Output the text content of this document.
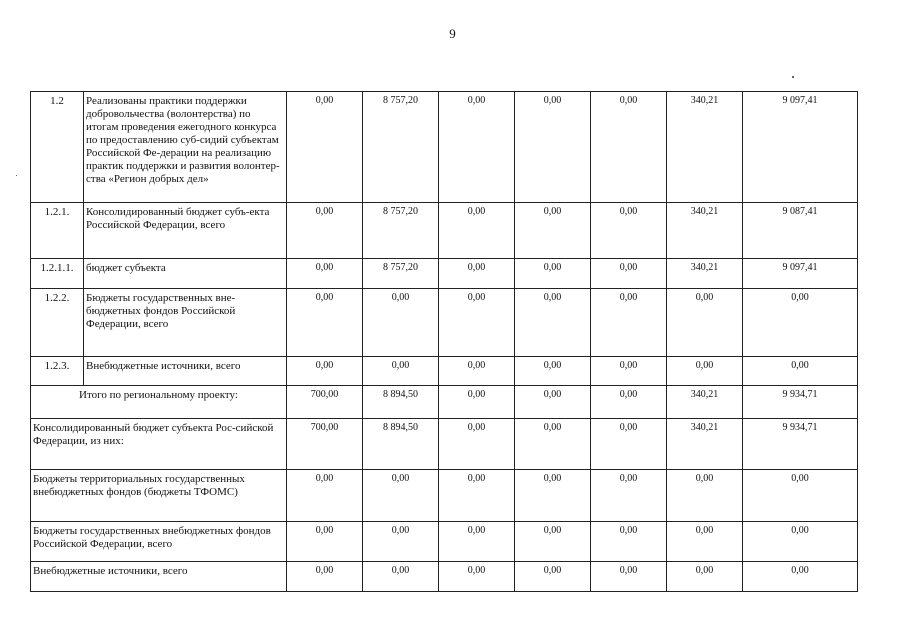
9
1.2	Реализованы практики поддержки добровольчества (волонтерства) по итогам проведения ежегодного конкурса по предоставлению суб-сидий субъектам Российской Фе-дерации на реализацию практик поддержки и развития волонтер-ства «Регион добрых дел»	0,00	8 757,20	0,00	0,00	0,00	340,21	9 097,41
1.2.1.	Консолидированный бюджет субъ-екта Российской Федерации, всего	0,00	8 757,20	0,00	0,00	0,00	340,21	9 087,41
1.2.1.1.	бюджет субъекта	0,00	8 757,20	0,00	0,00	0,00	340,21	9 097,41
1.2.2.	Бюджеты государственных вне-бюджетных фондов Российской Федерации, всего	0,00	0,00	0,00	0,00	0,00	0,00	0,00
1.2.3.	Внебюджетные источники, всего	0,00	0,00	0,00	0,00	0,00	0,00	0,00
Итого по региональному проекту:		700,00	8 894,50	0,00	0,00	0,00	340,21	9 934,71
Консолидированный бюджет субъекта Рос-сийской Федерации, из них:		700,00	8 894,50	0,00	0,00	0,00	340,21	9 934,71
Бюджеты территориальных государственных внебюджетных фондов (бюджеты ТФОМС)		0,00	0,00	0,00	0,00	0,00	0,00	0,00
Бюджеты государственных внебюджетных фондов Российской Федерации, всего		0,00	0,00	0,00	0,00	0,00	0,00	0,00
Внебюджетные источники, всего		0,00	0,00	0,00	0,00	0,00	0,00	0,00
